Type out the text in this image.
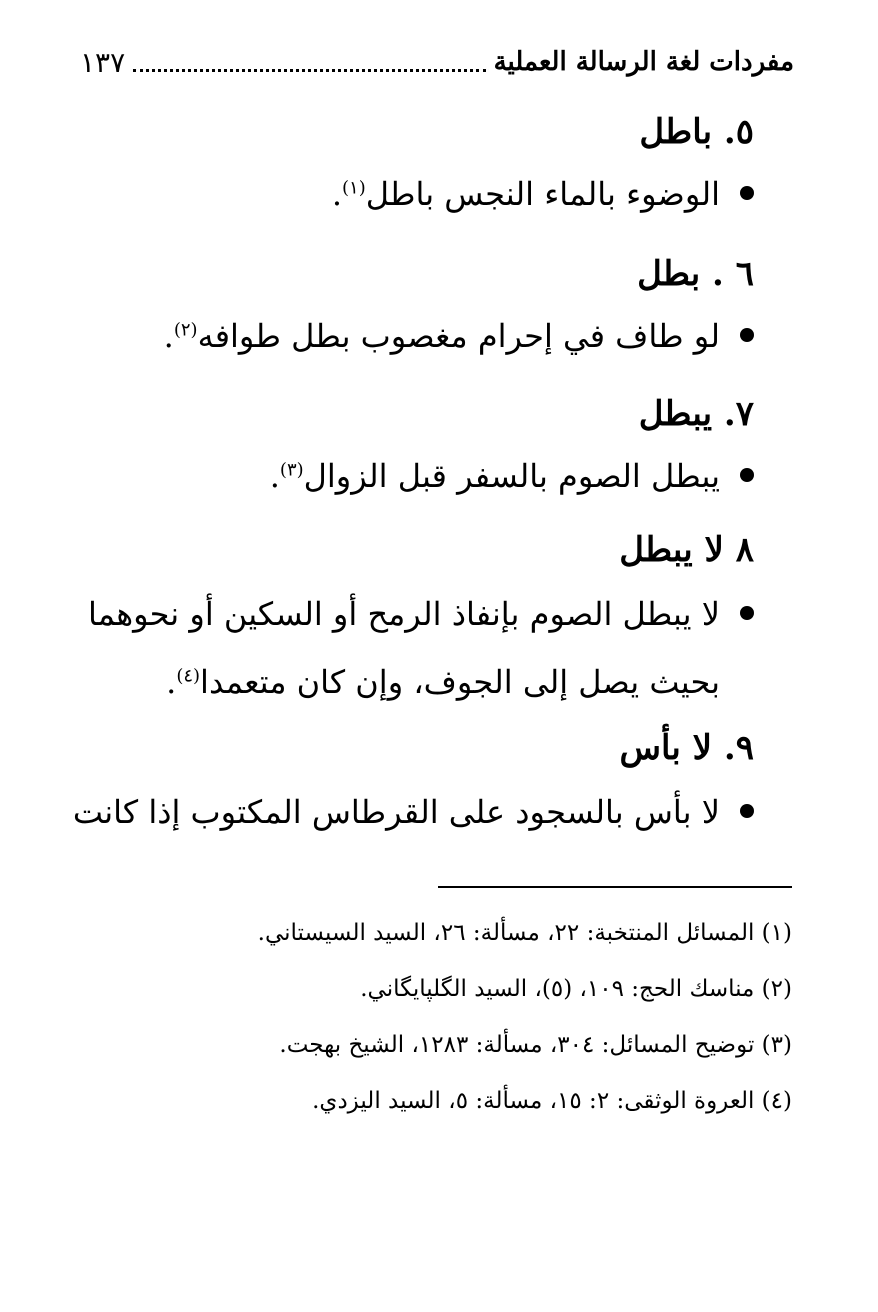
مفردات لغة الرسالة العملية
١٣٧
٥. باطل
الوضوء بالماء النجس باطل$^{(١)}$.
٦ . بطل
لو طاف في إحرام مغصوب بطل طوافه$^{(٢)}$.
٧. يبطل
يبطل الصوم بالسفر قبل الزوال$^{(٣)}$.
٨ لا يبطل
لا يبطل الصوم بإنفاذ الرمح أو السكين أو نحوهما
بحيث يصل إلى الجوف، وإن كان متعمدا$^{(٤)}$.
٩. لا بأس
لا بأس بالسجود على القرطاس المكتوب إذا كانت
(١) المسائل المنتخبة: ٢٢، مسألة: ٢٦، السيد السيستاني.
(٢) مناسك الحج: ١٠٩، (٥)، السيد الگلپايگاني.
(٣) توضيح المسائل: ٣٠٤، مسألة: ١٢٨٣، الشيخ بهجت.
(٤) العروة الوثقى: ٢: ١٥، مسألة: ٥، السيد اليزدي.
